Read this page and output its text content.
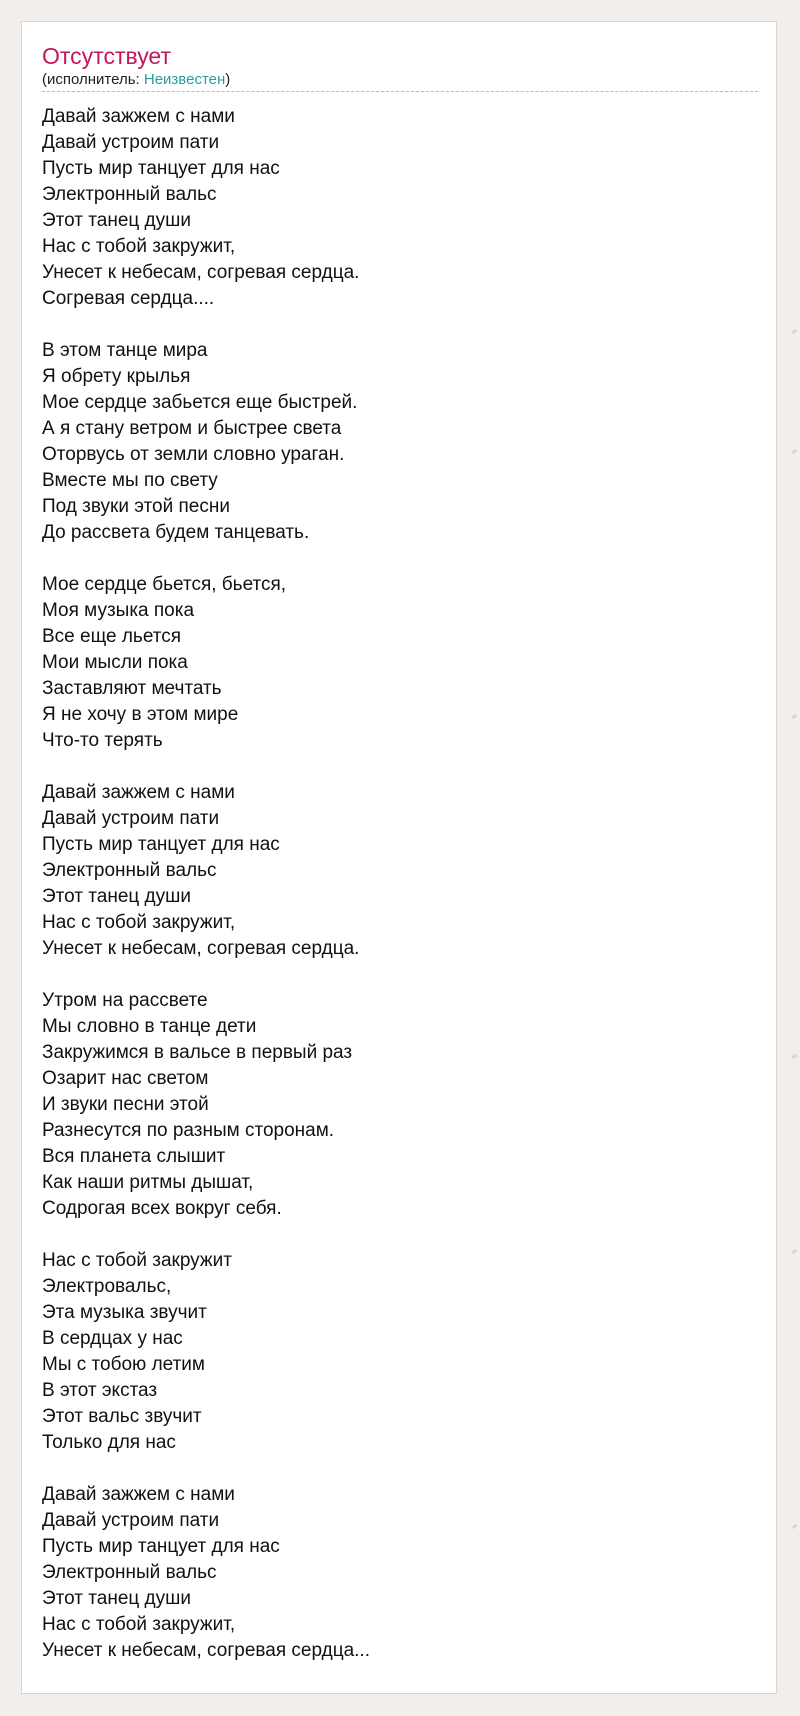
Отсутствует
(исполнитель: Неизвестен)
Давай зажжем с нами
Давай устроим пати
Пусть мир танцует для нас
Электронный вальс
Этот танец души
Нас с тобой закружит,
Унесет к небесам, согревая сердца.
Согревая сердца....
В этом танце мира
Я обрету крылья
Мое сердце забьется еще быстрей.
А я стану ветром и быстрее света
Оторвусь от земли словно ураган.
Вместе мы по свету
Под звуки этой песни
До рассвета будем танцевать.
Мое сердце бьется, бьется,
Моя музыка пока
Все еще льется
Мои мысли пока
Заставляют мечтать
Я не хочу в этом мире
Что-то терять
Давай зажжем с нами
Давай устроим пати
Пусть мир танцует для нас
Электронный вальс
Этот танец души
Нас с тобой закружит,
Унесет к небесам, согревая сердца.
Утром на рассвете
Мы словно в танце дети
Закружимся в вальсе в первый раз
Озарит нас светом
И звуки песни этой
Разнесутся по разным сторонам.
Вся планета слышит
Как наши ритмы дышат,
Содрогая всех вокруг себя.
Нас с тобой закружит
Электровальс,
Эта музыка звучит
В сердцах у нас
Мы с тобою летим
В этот экстаз
Этот вальс звучит
Только для нас
Давай зажжем с нами
Давай устроим пати
Пусть мир танцует для нас
Электронный вальс
Этот танец души
Нас с тобой закружит,
Унесет к небесам, согревая сердца...
